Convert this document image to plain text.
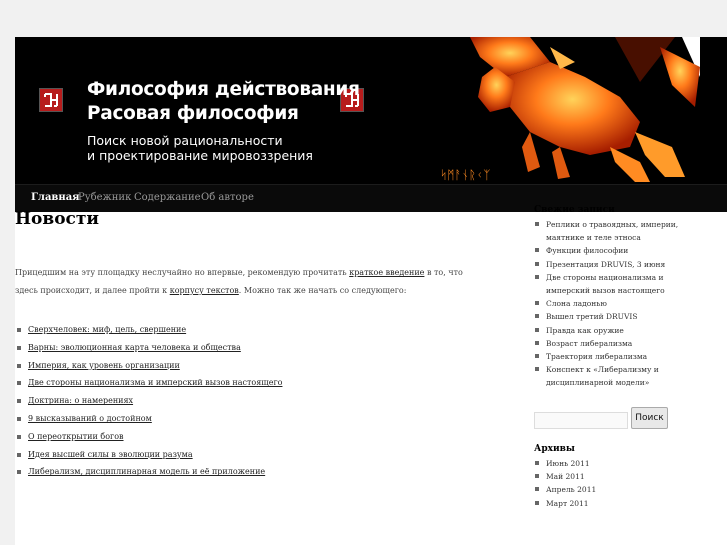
Философия действования
Расовая философия
Поиск новой рациональности
и проектирование мировоззрения
ᛋᛗᚨᚾᚱᚲᛉ
Главная
Рубежник Содержание Об авторе
Новости

Прицедшим на эту площадку неслучайно но впервые, рекомендую прочитать краткое введение в то, что здесь происходит, и далее пройти к корпусу текстов. Можно так же начать со следующего:

Сверхчеловек: миф, цель, свершение
Варны: эволюционная карта человека и общества
Империя, как уровень организации
Две стороны национализма и имперский вызов настоящего
Доктрина: о намерениях
9 высказываний о достойном
О переоткрытии богов
Идея высшей силы в эволюции разума
Либерализм, дисциплинарная модель и её приложение
Свежие записи
Реплики о травоядных, империи, маятнике и теле этноса
Функции философии
Презентация DRUVIS, 3 июня
Две стороны национализма и имперский вызов настоящего
Слона ладонью
Вышел третий DRUVIS
Правда как оружие
Возраст либерализма
Траектория либерализма
Конспект к «Либерализму и дисциплинарной модели»
Поиск
Архивы
Июнь 2011
Май 2011
Апрель 2011
Март 2011
